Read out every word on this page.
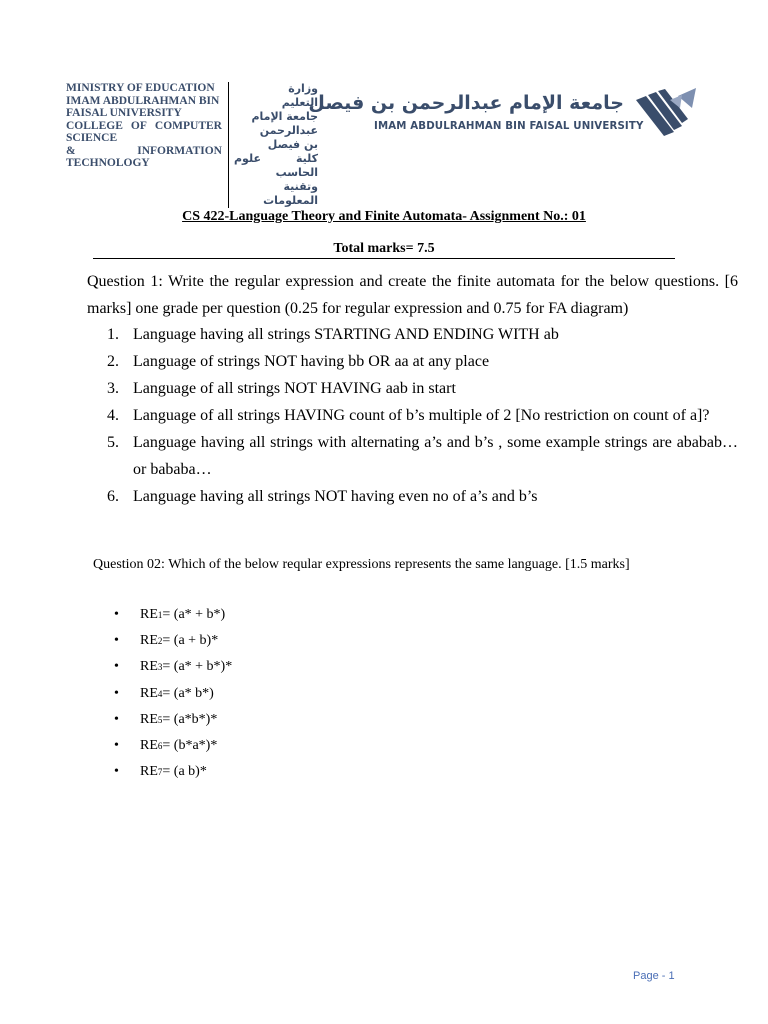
MINISTRY OF EDUCATION
IMAM ABDULRAHMAN BIN
FAISAL UNIVERSITY
COLLEGE OF COMPUTER
SCIENCE
&	INFORMATION
TECHNOLOGY
وزارة
التعليم
جامعة الإمام
عبدالرحمن
بن فيصل
كلية
علوم
الحاسب
وتقنية
المعلومات
جامعة الإمام عبدالرحمن بن فيصل
IMAM ABDULRAHMAN BIN FAISAL UNIVERSITY
CS 422-Language Theory and Finite Automata- Assignment No.: 01
Total marks= 7.5
Question 1: Write the regular expression and create the finite automata for the below questions. [6 marks] one grade per question (0.25 for regular expression and 0.75 for FA diagram)
1. Language having all strings STARTING AND ENDING WITH ab
2. Language of strings NOT having bb OR aa at any place
3. Language of all strings NOT HAVING aab in start
4. Language of all strings HAVING count of b’s multiple of 2 [No restriction on count of a]?
5. Language having all strings with alternating a’s and b’s , some example strings are ababab… or bababa…
6. Language having all strings NOT having even no of a’s and b’s
Question 02: Which of the below reqular expressions represents the same language. [1.5 marks]
•	RE 1 = (a* + b*)
•	RE 2 = (a + b)*
•	RE 3 = (a* + b*)*
•	RE 4 = (a* b*)
•	RE 5 = (a*b*)*
•	RE 6 = (b*a*)*
•	RE 7 = (a b)*
Page - 1
